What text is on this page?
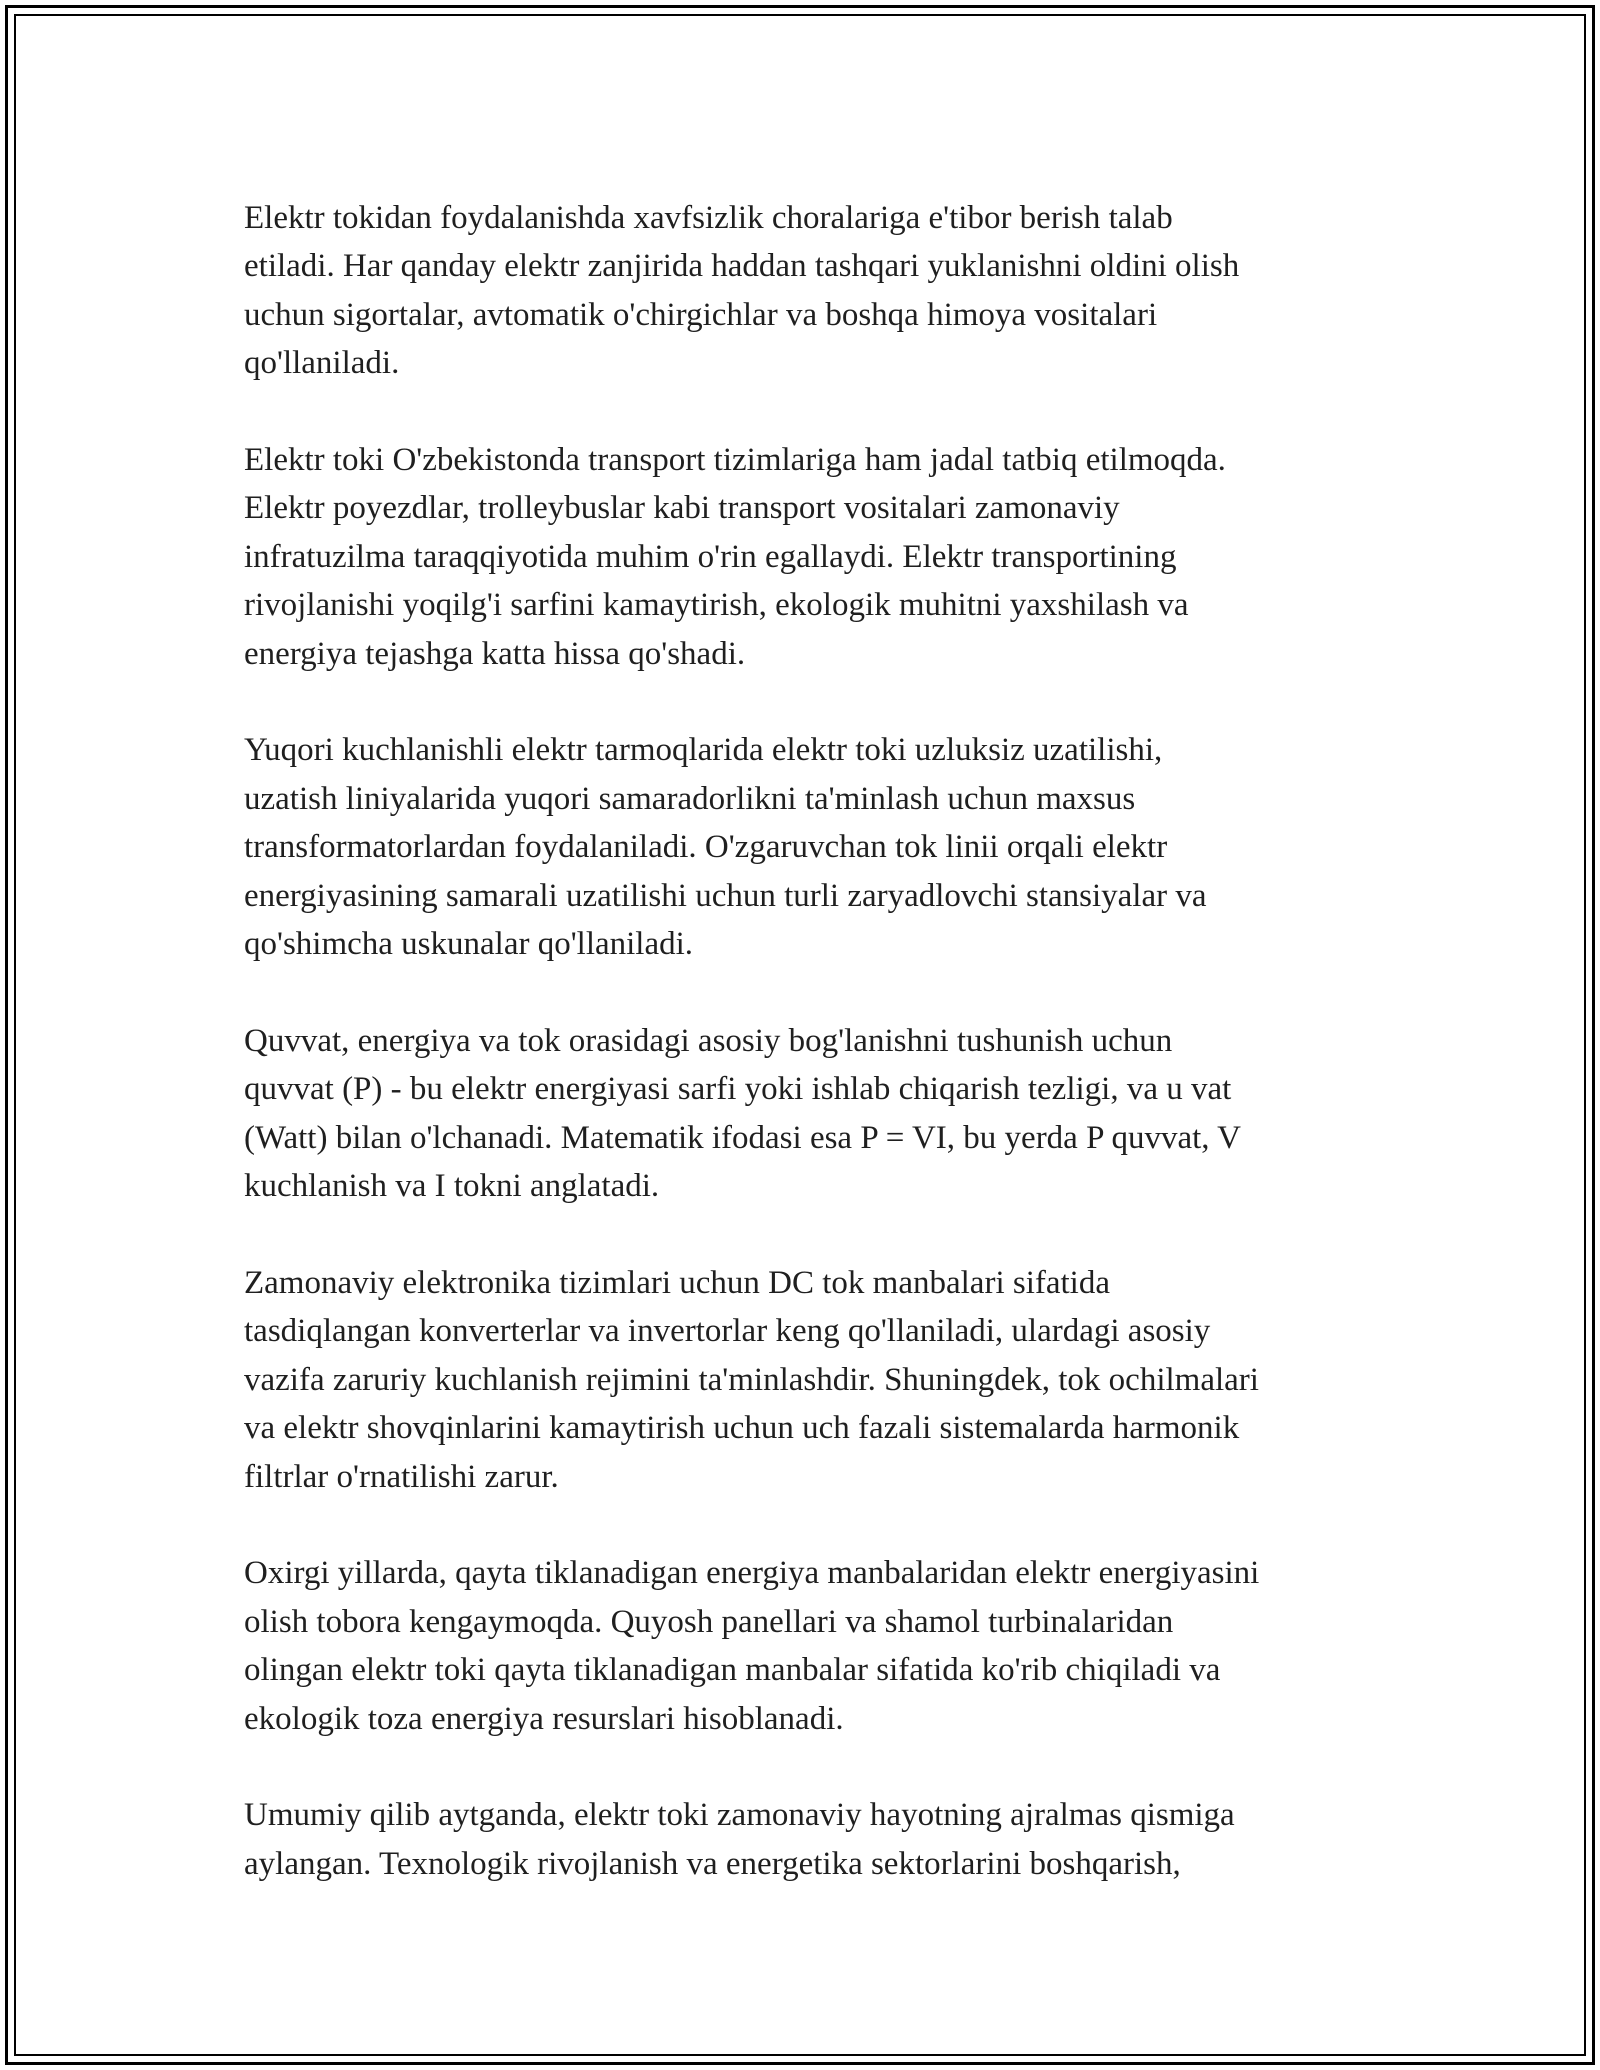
Elektr tokidan foydalanishda xavfsizlik choralariga e'tibor berish talab
etiladi. Har qanday elektr zanjirida haddan tashqari yuklanishni oldini olish
uchun sigortalar, avtomatik o'chirgichlar va boshqa himoya vositalari
qo'llaniladi.

Elektr toki O'zbekistonda transport tizimlariga ham jadal tatbiq etilmoqda.
Elektr poyezdlar, trolleybuslar kabi transport vositalari zamonaviy
infratuzilma taraqqiyotida muhim o'rin egallaydi. Elektr transportining
rivojlanishi yoqilg'i sarfini kamaytirish, ekologik muhitni yaxshilash va
energiya tejashga katta hissa qo'shadi.

Yuqori kuchlanishli elektr tarmoqlarida elektr toki uzluksiz uzatilishi,
uzatish liniyalarida yuqori samaradorlikni ta'minlash uchun maxsus
transformatorlardan foydalaniladi. O'zgaruvchan tok linii orqali elektr
energiyasining samarali uzatilishi uchun turli zaryadlovchi stansiyalar va
qo'shimcha uskunalar qo'llaniladi.

Quvvat, energiya va tok orasidagi asosiy bog'lanishni tushunish uchun
quvvat (P) - bu elektr energiyasi sarfi yoki ishlab chiqarish tezligi, va u vat
(Watt) bilan o'lchanadi. Matematik ifodasi esa P = VI, bu yerda P quvvat, V
kuchlanish va I tokni anglatadi.

Zamonaviy elektronika tizimlari uchun DC tok manbalari sifatida
tasdiqlangan konverterlar va invertorlar keng qo'llaniladi, ulardagi asosiy
vazifa zaruriy kuchlanish rejimini ta'minlashdir. Shuningdek, tok ochilmalari
va elektr shovqinlarini kamaytirish uchun uch fazali sistemalarda harmonik
filtrlar o'rnatilishi zarur.

Oxirgi yillarda, qayta tiklanadigan energiya manbalaridan elektr energiyasini
olish tobora kengaymoqda. Quyosh panellari va shamol turbinalaridan
olingan elektr toki qayta tiklanadigan manbalar sifatida ko'rib chiqiladi va
ekologik toza energiya resurslari hisoblanadi.

Umumiy qilib aytganda, elektr toki zamonaviy hayotning ajralmas qismiga
aylangan. Texnologik rivojlanish va energetika sektorlarini boshqarish,
